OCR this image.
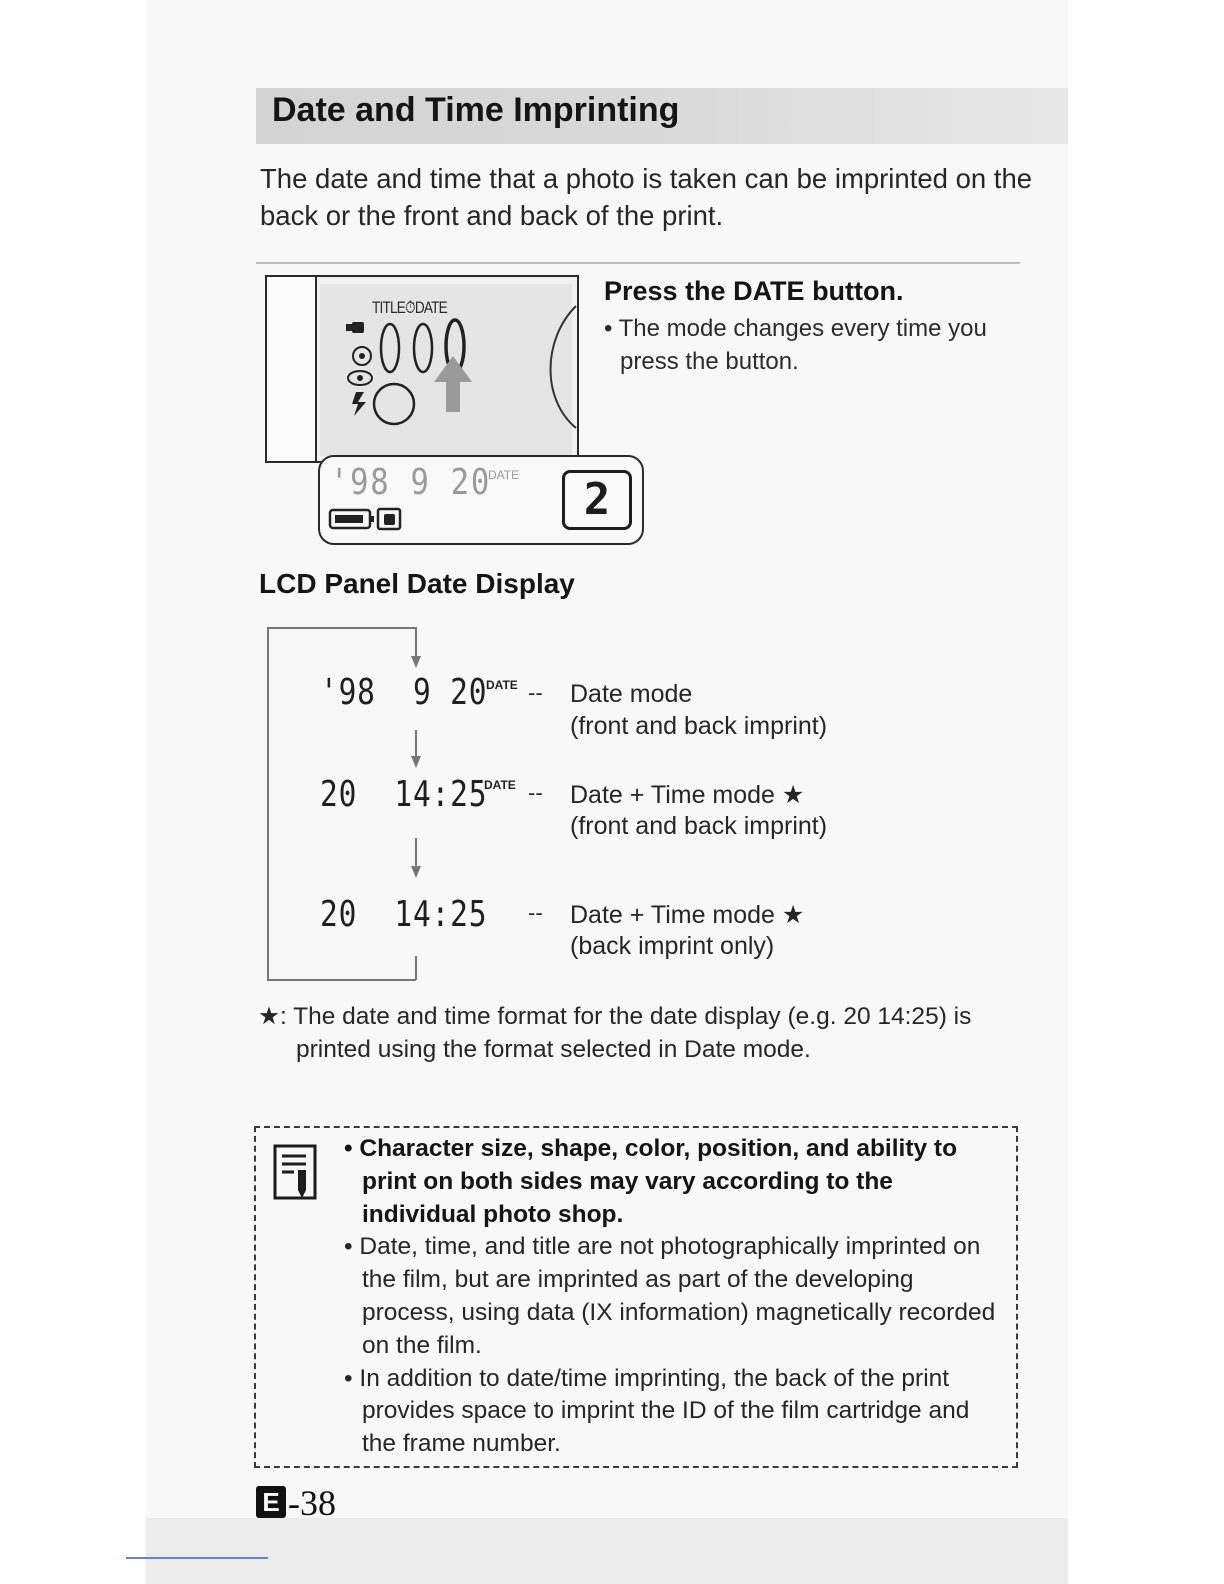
Date and Time Imprinting

The date and time that a photo is taken can be imprinted on the back or the front and back of the print.

TITLE⏱DATE
'98 9 20
DATE	2
Press the DATE button.
• The mode changes every time you press the button.
LCD Panel Date Display
'98  9 20
DATE -- Date mode
(front and back imprint)
20  14:25
DATE -- Date + Time mode ★
(front and back imprint)
20  14:25 -- Date + Time mode ★
(back imprint only)

★: The date and time format for the date display (e.g. 20 14:25) is printed using the format selected in Date mode.

• Character size, shape, color, position, and ability to print on both sides may vary according to the individual photo shop.
• Date, time, and title are not photographically imprinted on the film, but are imprinted as part of the developing process, using data (IX information) magnetically recorded on the film.
• In addition to date/time imprinting, the back of the print provides space to imprint the ID of the film cartridge and the frame number.
E -38
